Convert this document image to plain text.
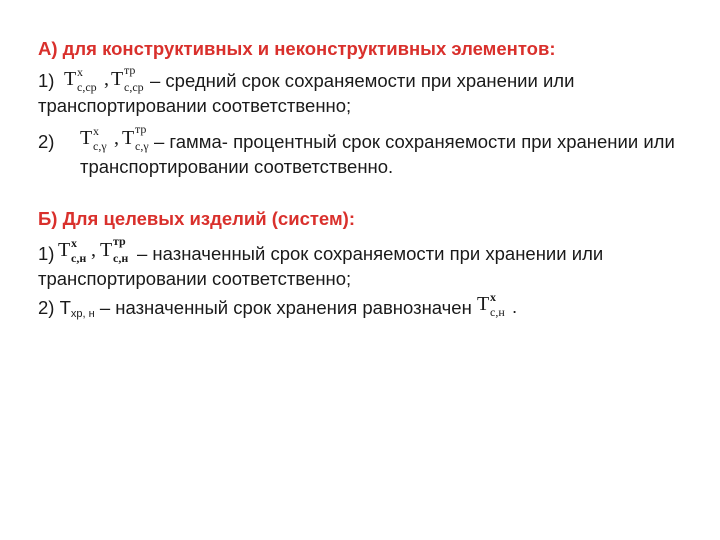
А) для конструктивных и неконструктивных элементов:
1) Т х
с,ср , Т тр
с,ср – средний срок сохраняемости при хранении или
транспортировании соответственно;
2) Т х
с,γ , Т тр
с,γ – гамма- процентный срок сохраняемости при хранении или
транспортировании соответственно.
Б) Для целевых изделий (систем):
1) Т х
с,н , Т тр
с,н – назначенный срок сохраняемости при хранении или
транспортировании соответственно;
2) Тхр, н – назначенный срок хранения равнозначен Т х
с,н .
